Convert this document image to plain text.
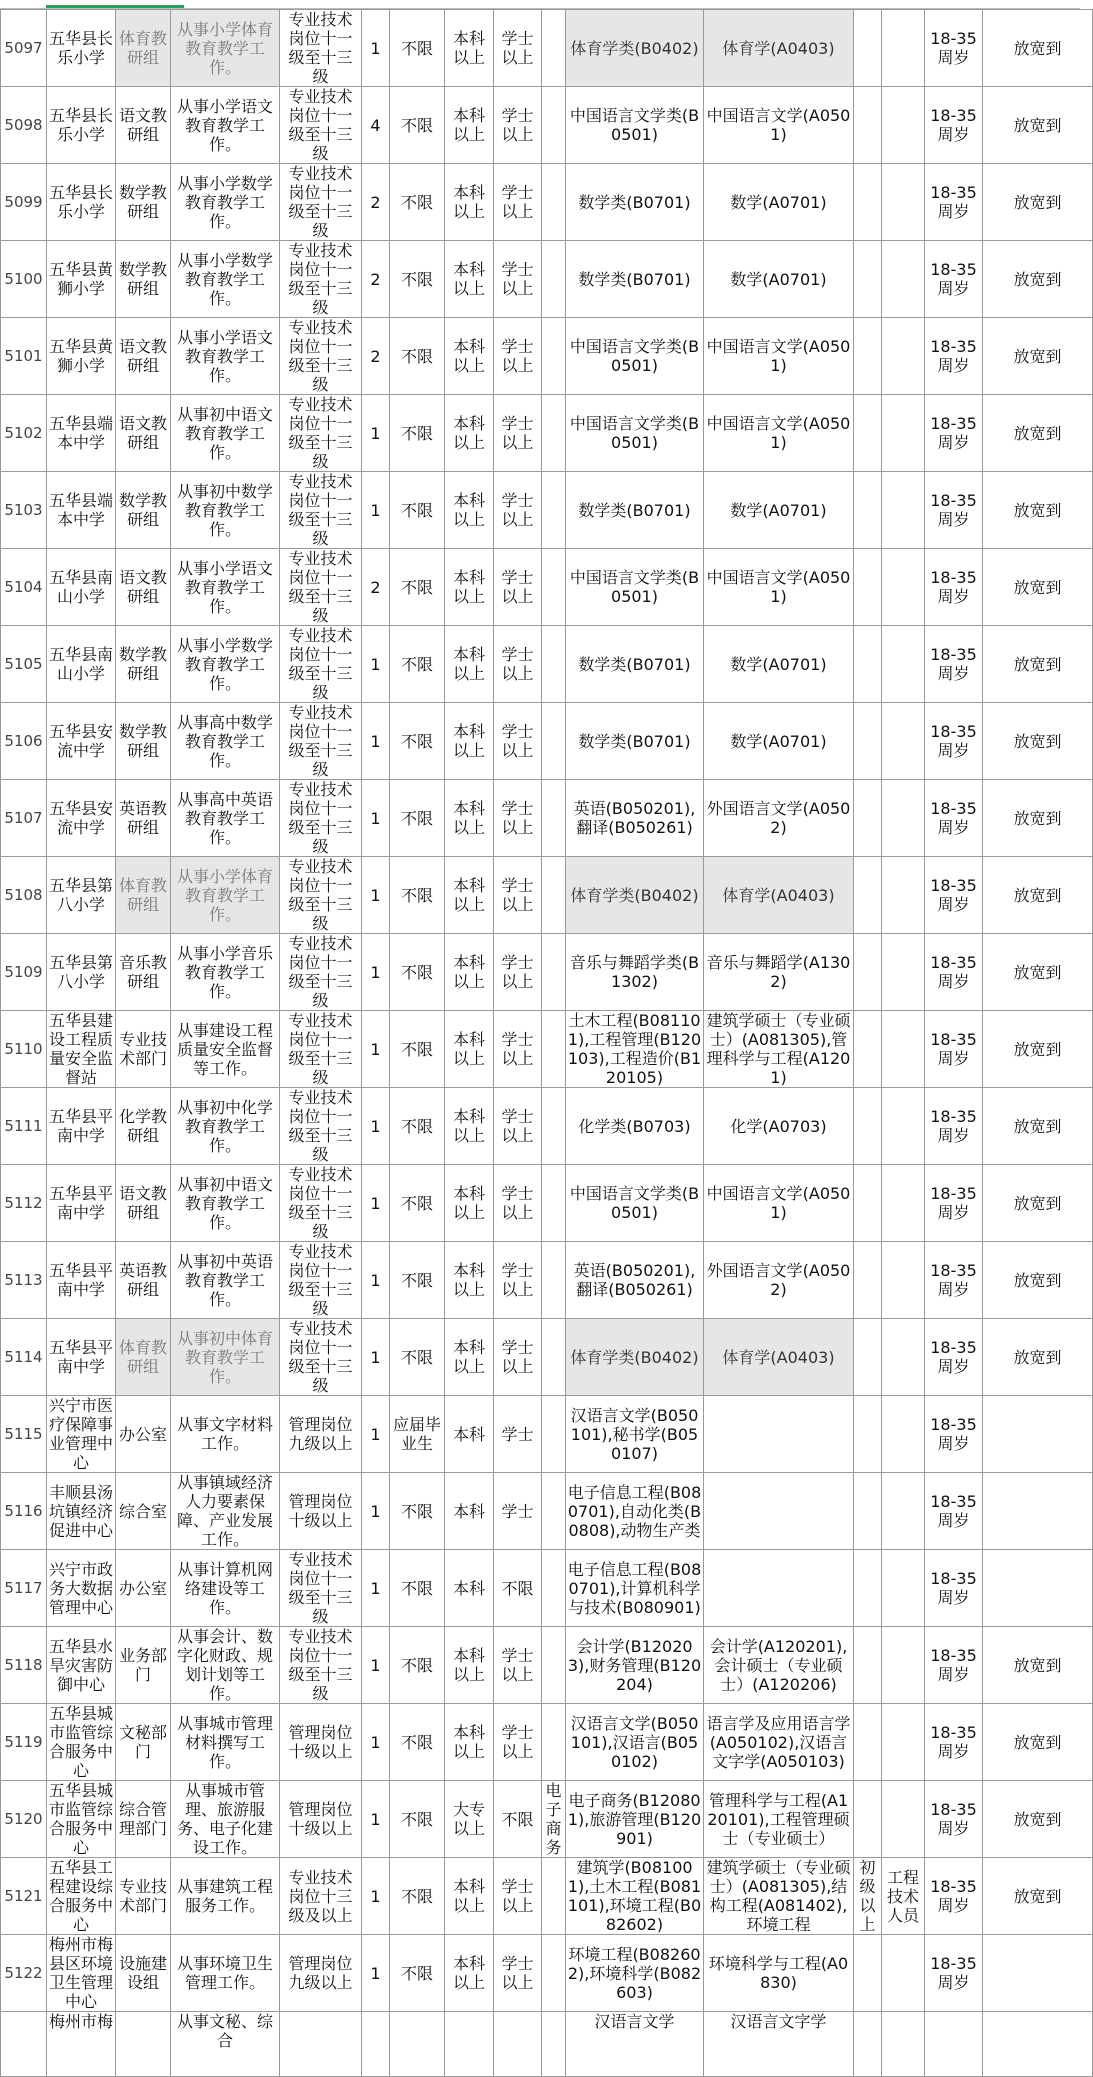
5097	五华县长乐小学	体育教研组	从事小学体育教育教学工作。	专业技术岗位十一级至十三级	1	不限	本科以上	学士以上		体育学类(B0402)	体育学(A0403)			18-35周岁	放宽到
5098	五华县长乐小学	语文教研组	从事小学语文教育教学工作。	专业技术岗位十一级至十三级	4	不限	本科以上	学士以上		中国语言文学类(B0501)	中国语言文学(A0501)			18-35周岁	放宽到
5099	五华县长乐小学	数学教研组	从事小学数学教育教学工作。	专业技术岗位十一级至十三级	2	不限	本科以上	学士以上		数学类(B0701)	数学(A0701)			18-35周岁	放宽到
5100	五华县黄狮小学	数学教研组	从事小学数学教育教学工作。	专业技术岗位十一级至十三级	2	不限	本科以上	学士以上		数学类(B0701)	数学(A0701)			18-35周岁	放宽到
5101	五华县黄狮小学	语文教研组	从事小学语文教育教学工作。	专业技术岗位十一级至十三级	2	不限	本科以上	学士以上		中国语言文学类(B0501)	中国语言文学(A0501)			18-35周岁	放宽到
5102	五华县端本中学	语文教研组	从事初中语文教育教学工作。	专业技术岗位十一级至十三级	1	不限	本科以上	学士以上		中国语言文学类(B0501)	中国语言文学(A0501)			18-35周岁	放宽到
5103	五华县端本中学	数学教研组	从事初中数学教育教学工作。	专业技术岗位十一级至十三级	1	不限	本科以上	学士以上		数学类(B0701)	数学(A0701)			18-35周岁	放宽到
5104	五华县南山小学	语文教研组	从事小学语文教育教学工作。	专业技术岗位十一级至十三级	2	不限	本科以上	学士以上		中国语言文学类(B0501)	中国语言文学(A0501)			18-35周岁	放宽到
5105	五华县南山小学	数学教研组	从事小学数学教育教学工作。	专业技术岗位十一级至十三级	1	不限	本科以上	学士以上		数学类(B0701)	数学(A0701)			18-35周岁	放宽到
5106	五华县安流中学	数学教研组	从事高中数学教育教学工作。	专业技术岗位十一级至十三级	1	不限	本科以上	学士以上		数学类(B0701)	数学(A0701)			18-35周岁	放宽到
5107	五华县安流中学	英语教研组	从事高中英语教育教学工作。	专业技术岗位十一级至十三级	1	不限	本科以上	学士以上		英语(B050201),翻译(B050261)	外国语言文学(A0502)			18-35周岁	放宽到
5108	五华县第八小学	体育教研组	从事小学体育教育教学工作。	专业技术岗位十一级至十三级	1	不限	本科以上	学士以上		体育学类(B0402)	体育学(A0403)			18-35周岁	放宽到
5109	五华县第八小学	音乐教研组	从事小学音乐教育教学工作。	专业技术岗位十一级至十三级	1	不限	本科以上	学士以上		音乐与舞蹈学类(B1302)	音乐与舞蹈学(A1302)			18-35周岁	放宽到
5110	五华县建设工程质量安全监督站	专业技术部门	从事建设工程质量安全监督等工作。	专业技术岗位十一级至十三级	1	不限	本科以上	学士以上		土木工程(B081101),工程管理(B120103),工程造价(B120105)	建筑学硕士（专业硕士）(A081305),管理科学与工程(A1201)			18-35周岁	放宽到
5111	五华县平南中学	化学教研组	从事初中化学教育教学工作。	专业技术岗位十一级至十三级	1	不限	本科以上	学士以上		化学类(B0703)	化学(A0703)			18-35周岁	放宽到
5112	五华县平南中学	语文教研组	从事初中语文教育教学工作。	专业技术岗位十一级至十三级	1	不限	本科以上	学士以上		中国语言文学类(B0501)	中国语言文学(A0501)			18-35周岁	放宽到
5113	五华县平南中学	英语教研组	从事初中英语教育教学工作。	专业技术岗位十一级至十三级	1	不限	本科以上	学士以上		英语(B050201),翻译(B050261)	外国语言文学(A0502)			18-35周岁	放宽到
5114	五华县平南中学	体育教研组	从事初中体育教育教学工作。	专业技术岗位十一级至十三级	1	不限	本科以上	学士以上		体育学类(B0402)	体育学(A0403)			18-35周岁	放宽到
5115	兴宁市医疗保障事业管理中心	办公室	从事文字材料工作。	管理岗位九级以上	1	应届毕业生	本科	学士		汉语言文学(B050101),秘书学(B050107)				18-35周岁	
5116	丰顺县汤坑镇经济促进中心	综合室	从事镇域经济人力要素保障、产业发展工作。	管理岗位十级以上	1	不限	本科	学士		电子信息工程(B080701),自动化类(B0808),动物生产类				18-35周岁	
5117	兴宁市政务大数据管理中心	办公室	从事计算机网络建设等工作。	专业技术岗位十一级至十三级	1	不限	本科	不限		电子信息工程(B080701),计算机科学与技术(B080901)				18-35周岁	
5118	五华县水旱灾害防御中心	业务部门	从事会计、数字化财政、规划计划等工作。	专业技术岗位十一级至十三级	1	不限	本科以上	学士以上		会计学(B120203),财务管理(B120204)	会计学(A120201),会计硕士（专业硕士）(A120206)			18-35周岁	放宽到
5119	五华县城市监管综合服务中心	文秘部门	从事城市管理材料撰写工作。	管理岗位十级以上	1	不限	本科以上	学士以上		汉语言文学(B050101),汉语言(B050102)	语言学及应用语言学(A050102),汉语言文字学(A050103)			18-35周岁	放宽到
5120	五华县城市监管综合服务中心	综合管理部门	从事城市管理、旅游服务、电子化建设工作。	管理岗位十级以上	1	不限	大专以上	不限	电子商务	电子商务(B120801),旅游管理(B120901)	管理科学与工程(A120101),工程管理硕士（专业硕士）			18-35周岁	放宽到
5121	五华县工程建设综合服务中心	专业技术部门	从事建筑工程服务工作。	专业技术岗位十三级及以上	1	不限	本科以上	学士以上		建筑学(B081001),土木工程(B081101),环境工程(B082602)	建筑学硕士（专业硕士）(A081305),结构工程(A081402),环境工程	初级以上	工程技术人员	18-35周岁	放宽到
5122	梅州市梅县区环境卫生管理中心	设施建设组	从事环境卫生管理工作。	管理岗位九级以上	1	不限	本科以上	学士以上		环境工程(B082602),环境科学(B082603)	环境科学与工程(A0830)			18-35周岁	
	梅州市梅		从事文秘、综合							汉语言文学	汉语言文字学				
